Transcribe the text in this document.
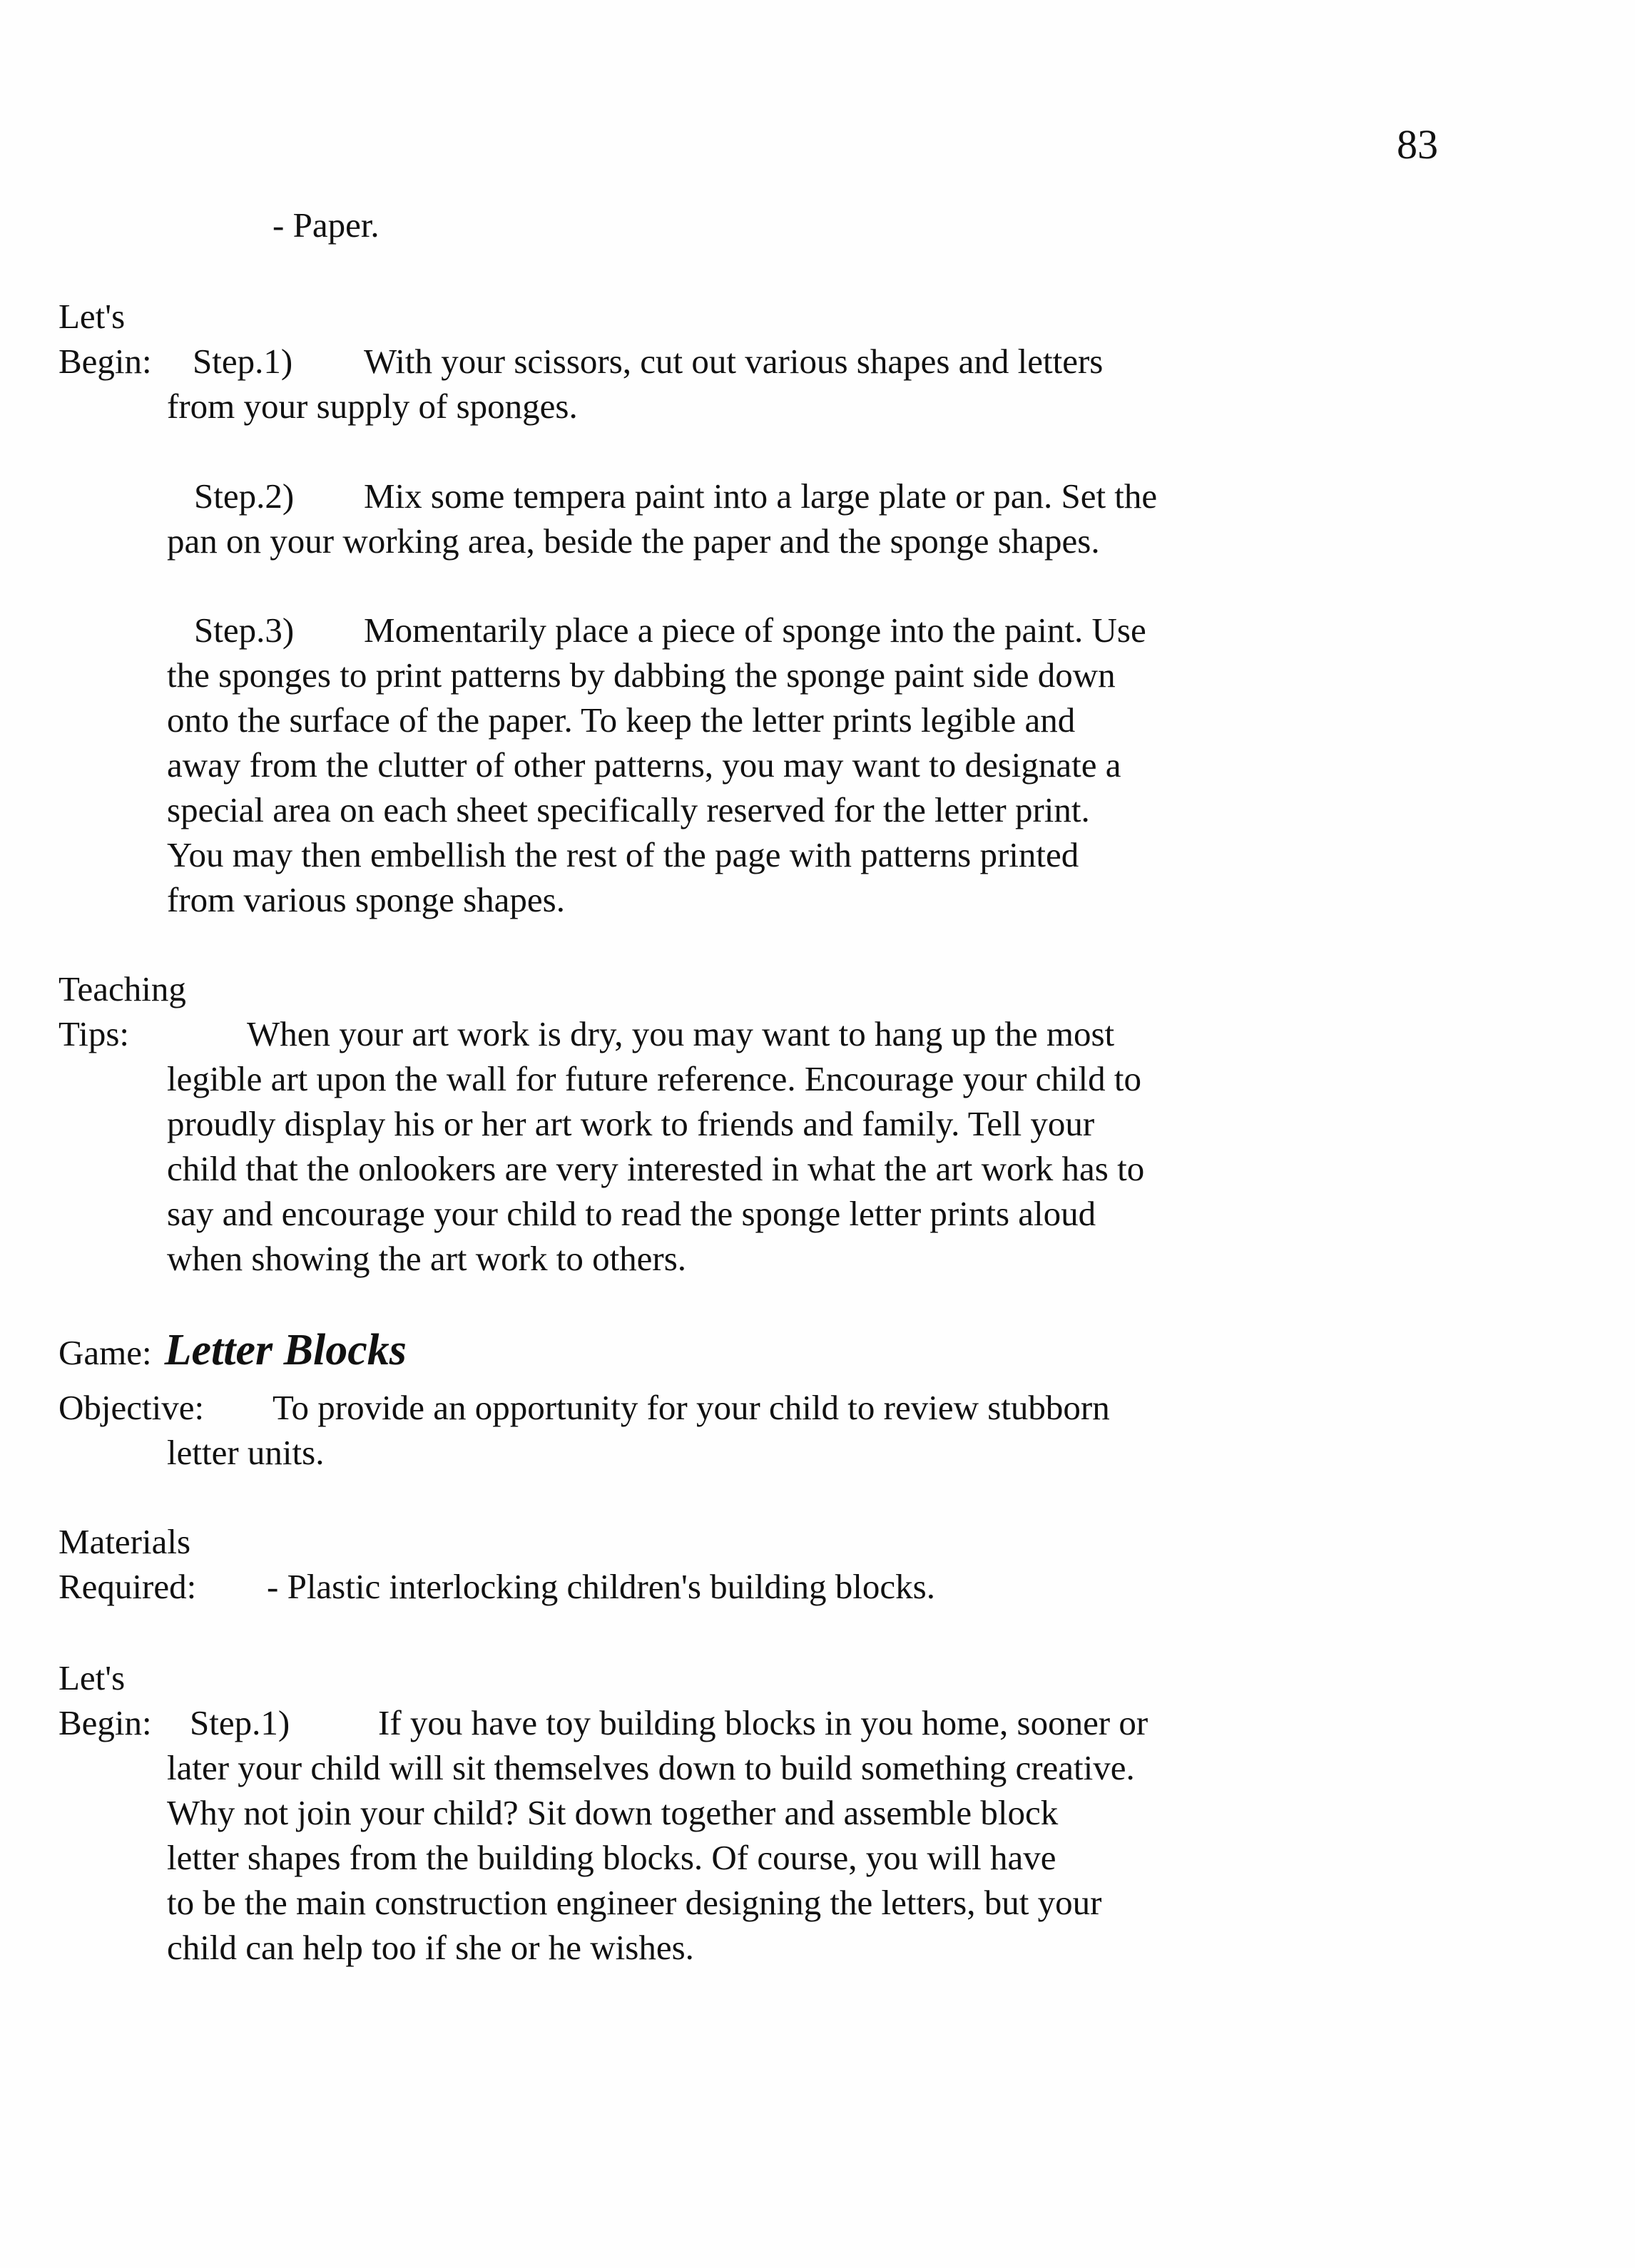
83
- Paper.
Let's
Begin: Step.1) With your scissors, cut out various shapes and letters
from your supply of sponges.
Step.2) Mix some tempera paint into a large plate or pan. Set the
pan on your working area, beside the paper and the sponge shapes.
Step.3) Momentarily place a piece of sponge into the paint. Use
the sponges to print patterns by dabbing the sponge paint side down
onto the surface of the paper. To keep the letter prints legible and
away from the clutter of other patterns, you may want to designate a
special area on each sheet specifically reserved for the letter print.
You may then embellish the rest of the page with patterns printed
from various sponge shapes.
Teaching
Tips:	When your art work is dry, you may want to hang up the most
legible art upon the wall for future reference. Encourage your child to
proudly display his or her art work to friends and family. Tell your
child that the onlookers are very interested in what the art work has to
say and encourage your child to read the sponge letter prints aloud
when showing the art work to others.
Game: Letter Blocks
Objective: To provide an opportunity for your child to review stubborn
letter units.
Materials
Required: - Plastic interlocking children's building blocks.
Let's
Begin: Step.1)	If you have toy building blocks in you home, sooner or
later your child will sit themselves down to build something creative.
Why not join your child? Sit down together and assemble block
letter shapes from the building blocks. Of course, you will have
to be the main construction engineer designing the letters, but your
child can help too if she or he wishes.
